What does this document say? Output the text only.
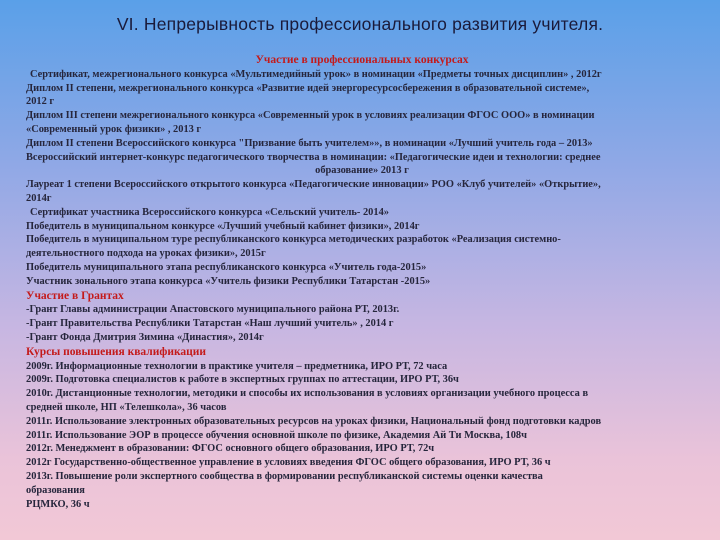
VI. Непрерывность профессионального развития учителя.
Участие в профессиональных конкурсах

Сертификат, межрегионального конкурса «Мультимедийный урок» в номинации «Предметы точных дисциплин» , 2012г

Диплом II степени, межрегионального конкурса «Развитие идей энергоресурсосбережения в образовательной системе»,

2012 г

Диплом III степени межрегионального конкурса «Современный урок в условиях реализации ФГОС ООО» в номинации

«Современный урок физики» , 2013 г

Диплом II степени Всероссийского конкурса "Призвание быть учителем»», в номинации «Лучший учитель года – 2013»

Всероссийский интернет-конкурс педагогического творчества в номинации: «Педагогические идеи и технологии: среднее

образование» 2013 г

Лауреат 1 степени Всероссийского открытого конкурса «Педагогические инновации» РОО «Клуб учителей» «Открытие»,

2014г

Сертификат участника Всероссийского конкурса «Сельский учитель- 2014»

Победитель в муниципальном конкурсе «Лучший учебный кабинет физики», 2014г

Победитель в муниципальном туре республиканского конкурса методических разработок «Реализация системно-

деятельностного подхода на уроках физики», 2015г

Победитель муниципального этапа республиканского конкурса «Учитель года-2015»

Участник зонального этапа конкурса «Учитель физики Республики Татарстан -2015»

Участие в Грантах

-Грант Главы администрации Апастовского муниципального района РТ, 2013г.

-Грант Правительства Республики Татарстан «Наш лучший учитель» , 2014 г

-Грант Фонда Дмитрия Зимина «Династия», 2014г

Курсы повышения квалификации

2009г. Информационные технологии в практике учителя – предметника, ИРО РТ, 72 часа

2009г. Подготовка специалистов к работе в экспертных группах по аттестации, ИРО РТ, 36ч

2010г. Дистанционные технологии, методики и способы их использования в условиях организации учебного процесса в

средней школе, НП «Телешкола», 36 часов

2011г. Использование электронных образовательных ресурсов на уроках физики, Национальный фонд подготовки кадров

2011г. Использование ЭОР в процессе обучения основной школе по физике, Академия Ай Ти Москва, 108ч

2012г. Менеджмент в образовании: ФГОС основного общего образования, ИРО РТ, 72ч

2012г Государственно-общественное управление в условиях введения ФГОС общего образования, ИРО РТ, 36 ч

2013г. Повышение роли экспертного сообщества в формировании республиканской системы оценки качества

образования

РЦМКО, 36 ч
